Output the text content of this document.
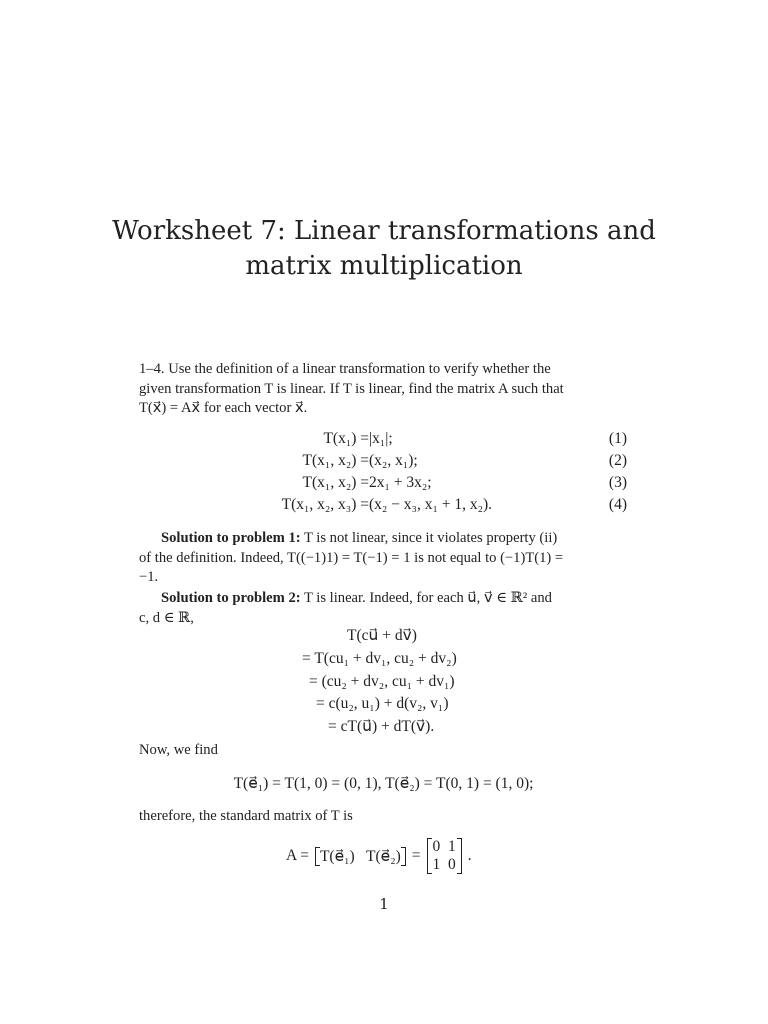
Worksheet 7: Linear transformations and
matrix multiplication
1–4. Use the definition of a linear transformation to verify whether the
given transformation T is linear. If T is linear, find the matrix A such that
T(x⃗) = Ax⃗ for each vector x⃗.
T(x₁) = |x₁|;	(1)
T(x₁, x₂) = (x₂, x₁);	(2)
T(x₁, x₂) = 2x₁ + 3x₂;	(3)
T(x₁, x₂, x₃) = (x₂ − x₃, x₁ + 1, x₂).	(4)
Solution to problem 1: T is not linear, since it violates property (ii)
of the definition. Indeed, T((−1)1) = T(−1) = 1 is not equal to (−1)T(1) =
−1.
Solution to problem 2: T is linear. Indeed, for each u⃗, v⃗ ∈ ℝ² and
c, d ∈ ℝ,
T(cu⃗ + dv⃗)
= T(cu₁ + dv₁, cu₂ + dv₂)
= (cu₂ + dv₂, cu₁ + dv₁)
= c(u₂, u₁) + d(v₂, v₁)
= cT(u⃗) + dT(v⃗).
Now, we find
T(e⃗₁) = T(1, 0) = (0, 1), T(e⃗₂) = T(0, 1) = (1, 0);
therefore, the standard matrix of T is
A = T(e⃗₁)   T(e⃗₂) =
0  1
1  0
.
1
